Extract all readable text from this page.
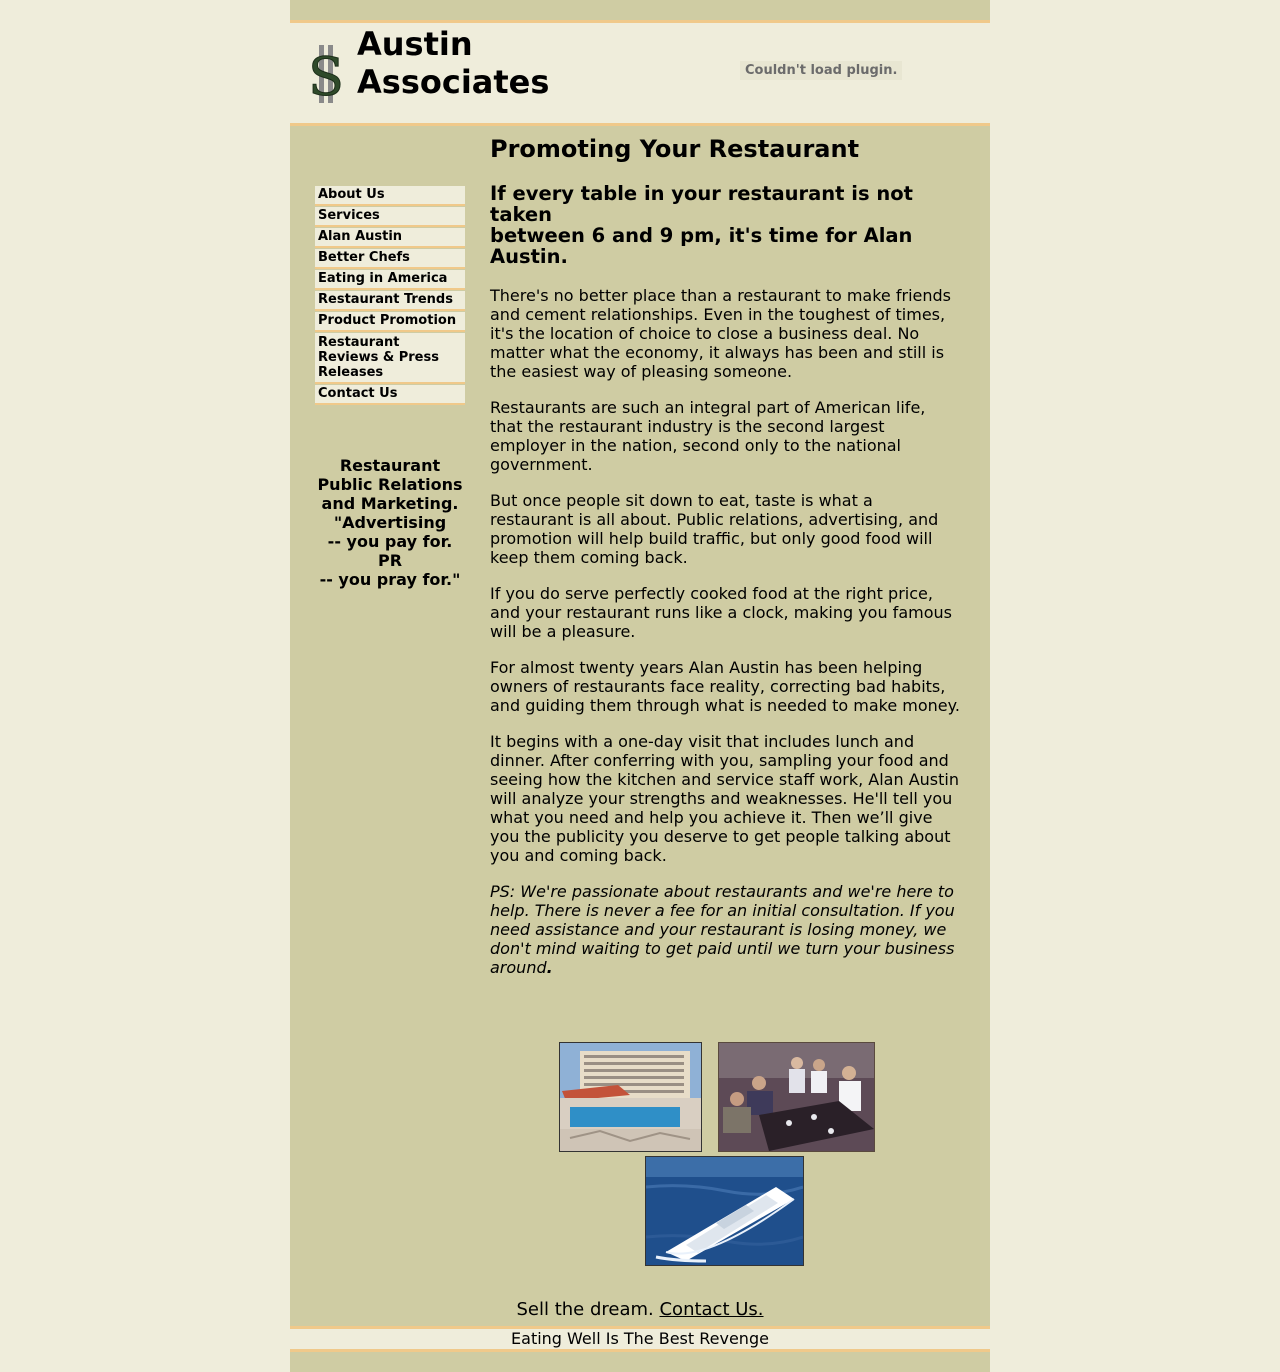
S
Austin
Associates	Couldn't load plugin.
About Us
Services
Alan Austin
Better Chefs
Eating in America
Restaurant Trends
Product Promotion
Restaurant Reviews & Press Releases
Contact Us
Restaurant
Public Relations
and Marketing.
"Advertising
-- you pay for.
PR
-- you pray for."
Promoting Your Restaurant
If every table in your restaurant is not taken
between 6 and 9 pm, it's time for Alan Austin.

There's no better place than a restaurant to make friends and cement relationships. Even in the toughest of times, it's the location of choice to close a business deal. No matter what the economy, it always has been and still is the easiest way of pleasing someone.

Restaurants are such an integral part of American life, that the restaurant industry is the second largest employer in the nation, second only to the national government.

But once people sit down to eat, taste is what a restaurant is all about. Public relations, advertising, and promotion will help build traffic, but only good food will keep them coming back.

If you do serve perfectly cooked food at the right price, and your restaurant runs like a clock, making you famous will be a pleasure.

For almost twenty years Alan Austin has been helping owners of restaurants face reality, correcting bad habits, and guiding them through what is needed to make money.

It begins with a one-day visit that includes lunch and dinner. After conferring with you, sampling your food and seeing how the kitchen and service staff work, Alan Austin will analyze your strengths and weaknesses. He'll tell you what you need and help you achieve it. Then we’ll give you the publicity you deserve to get people talking about you and coming back.

PS: We're passionate about restaurants and we're here to help. There is never a fee for an initial consultation. If you need assistance and your restaurant is losing money, we don't mind waiting to get paid until we turn your business around.

Sell the dream. Contact Us.
Eating Well Is The Best Revenge
